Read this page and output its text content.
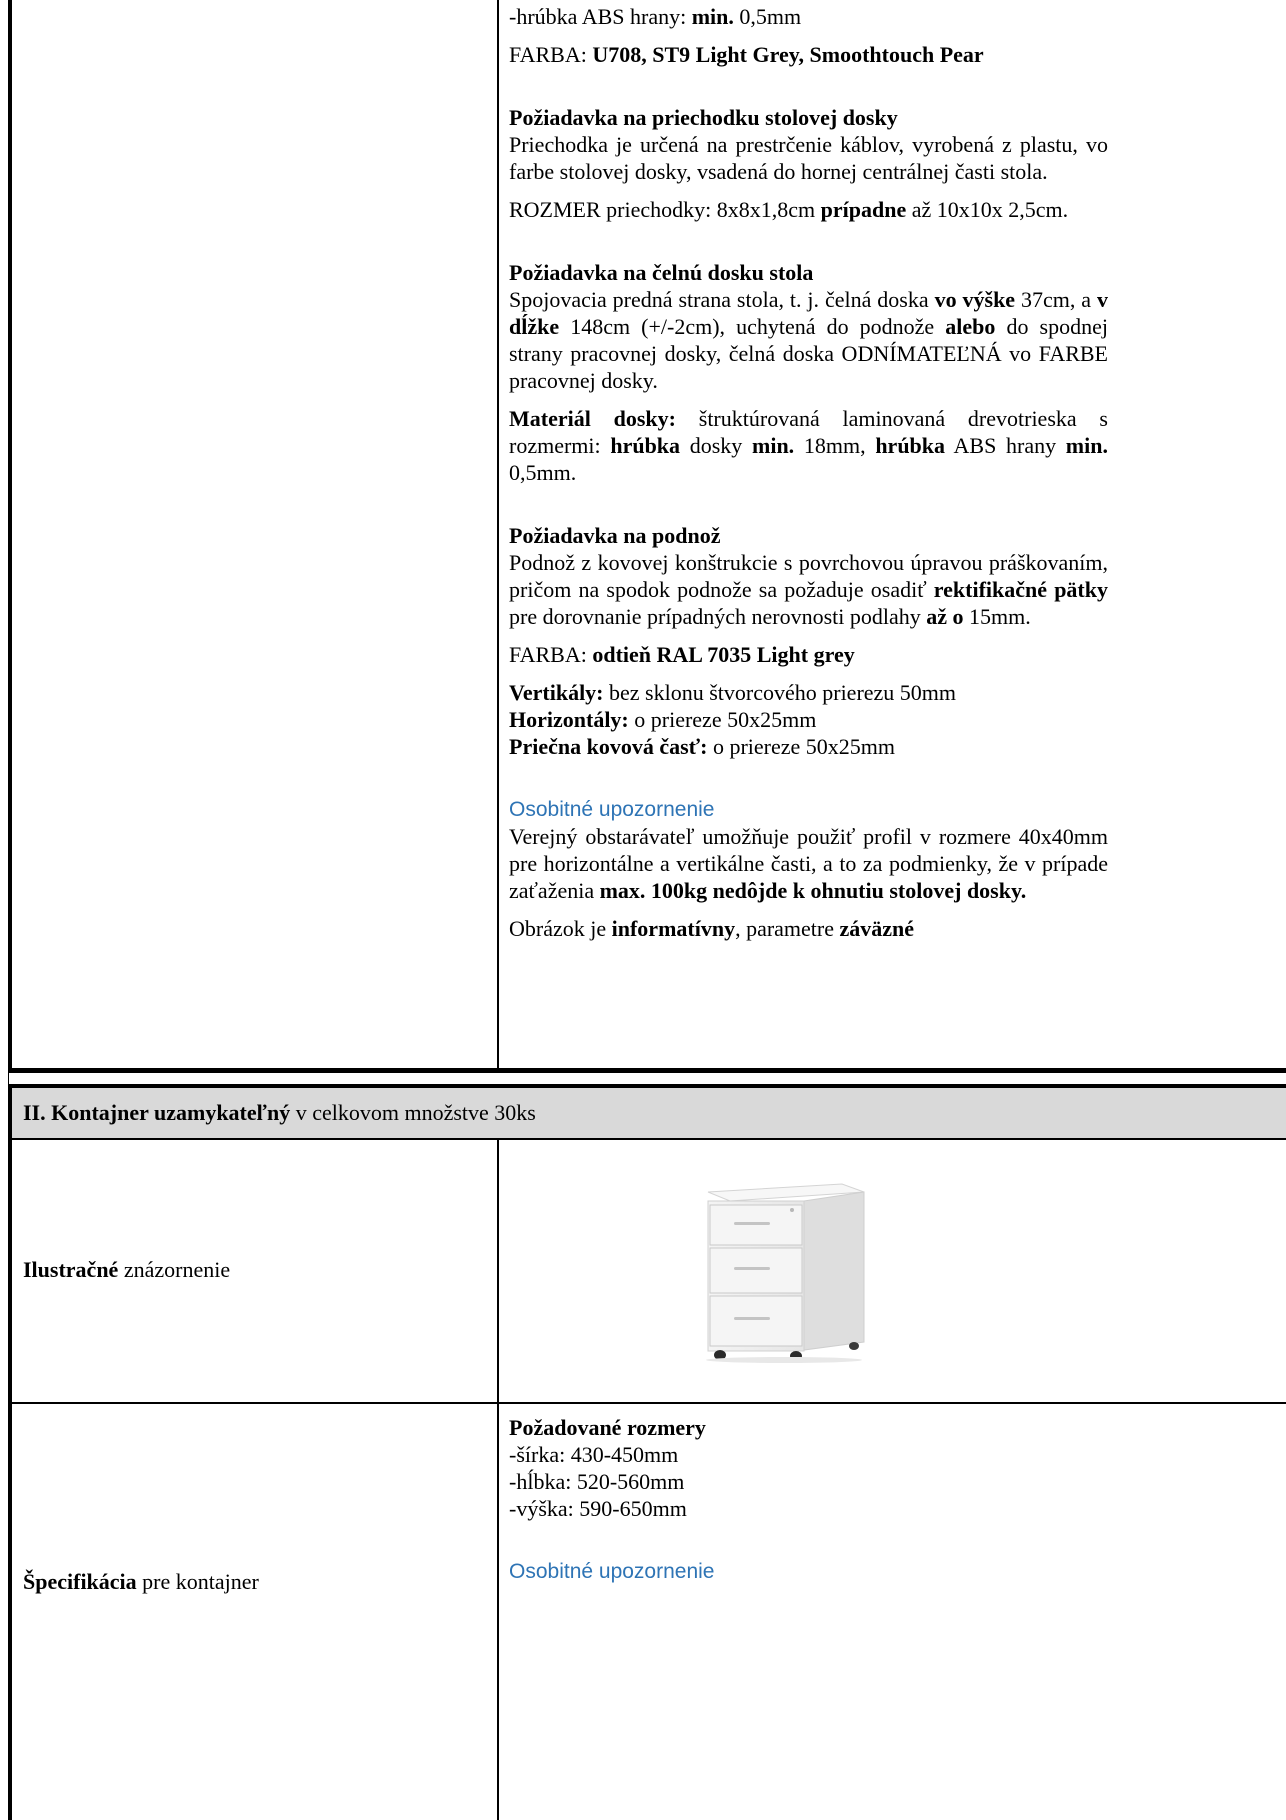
-hrúbka ABS hrany: min. 0,5mm

FARBA: U708, ST9 Light Grey, Smoothtouch Pear

Požiadavka na priechodku stolovej dosky

Priechodka je určená na prestrčenie káblov, vyrobená z plastu, vo farbe stolovej dosky, vsadená do hornej centrálnej časti stola.

ROZMER priechodky: 8x8x1,8cm prípadne až 10x10x 2,5cm.

Požiadavka na čelnú dosku stola

Spojovacia predná strana stola, t. j. čelná doska vo výške 37cm, a v dĺžke 148cm (+/-2cm), uchytená do podnože alebo do spodnej strany pracovnej dosky, čelná doska ODNÍMATEĽNÁ vo FARBE pracovnej dosky.

Materiál dosky: štruktúrovaná laminovaná drevotrieska s rozmermi: hrúbka dosky min. 18mm, hrúbka ABS hrany min. 0,5mm.

Požiadavka na podnož

Podnož z kovovej konštrukcie s povrchovou úpravou práškovaním, pričom na spodok podnože sa požaduje osadiť rektifikačné pätky pre dorovnanie prípadných nerovnosti podlahy až o 15mm.

FARBA: odtieň RAL 7035 Light grey

Vertikály: bez sklonu štvorcového prierezu 50mm

Horizontály: o priereze 50x25mm

Priečna kovová časť: o priereze 50x25mm

Osobitné upozornenie

Verejný obstarávateľ umožňuje použiť profil v rozmere 40x40mm pre horizontálne a vertikálne časti, a to za podmienky, že v prípade zaťaženia max. 100kg nedôjde k ohnutiu stolovej dosky.

Obrázok je informatívny, parametre záväzné

II. Kontajner uzamykateľný v celkovom množstve 30ks
Ilustračné znázornenie
Špecifikácia pre kontajner

Požadované rozmery

-šírka: 430-450mm

-hĺbka: 520-560mm

-výška: 590-650mm

Osobitné upozornenie
